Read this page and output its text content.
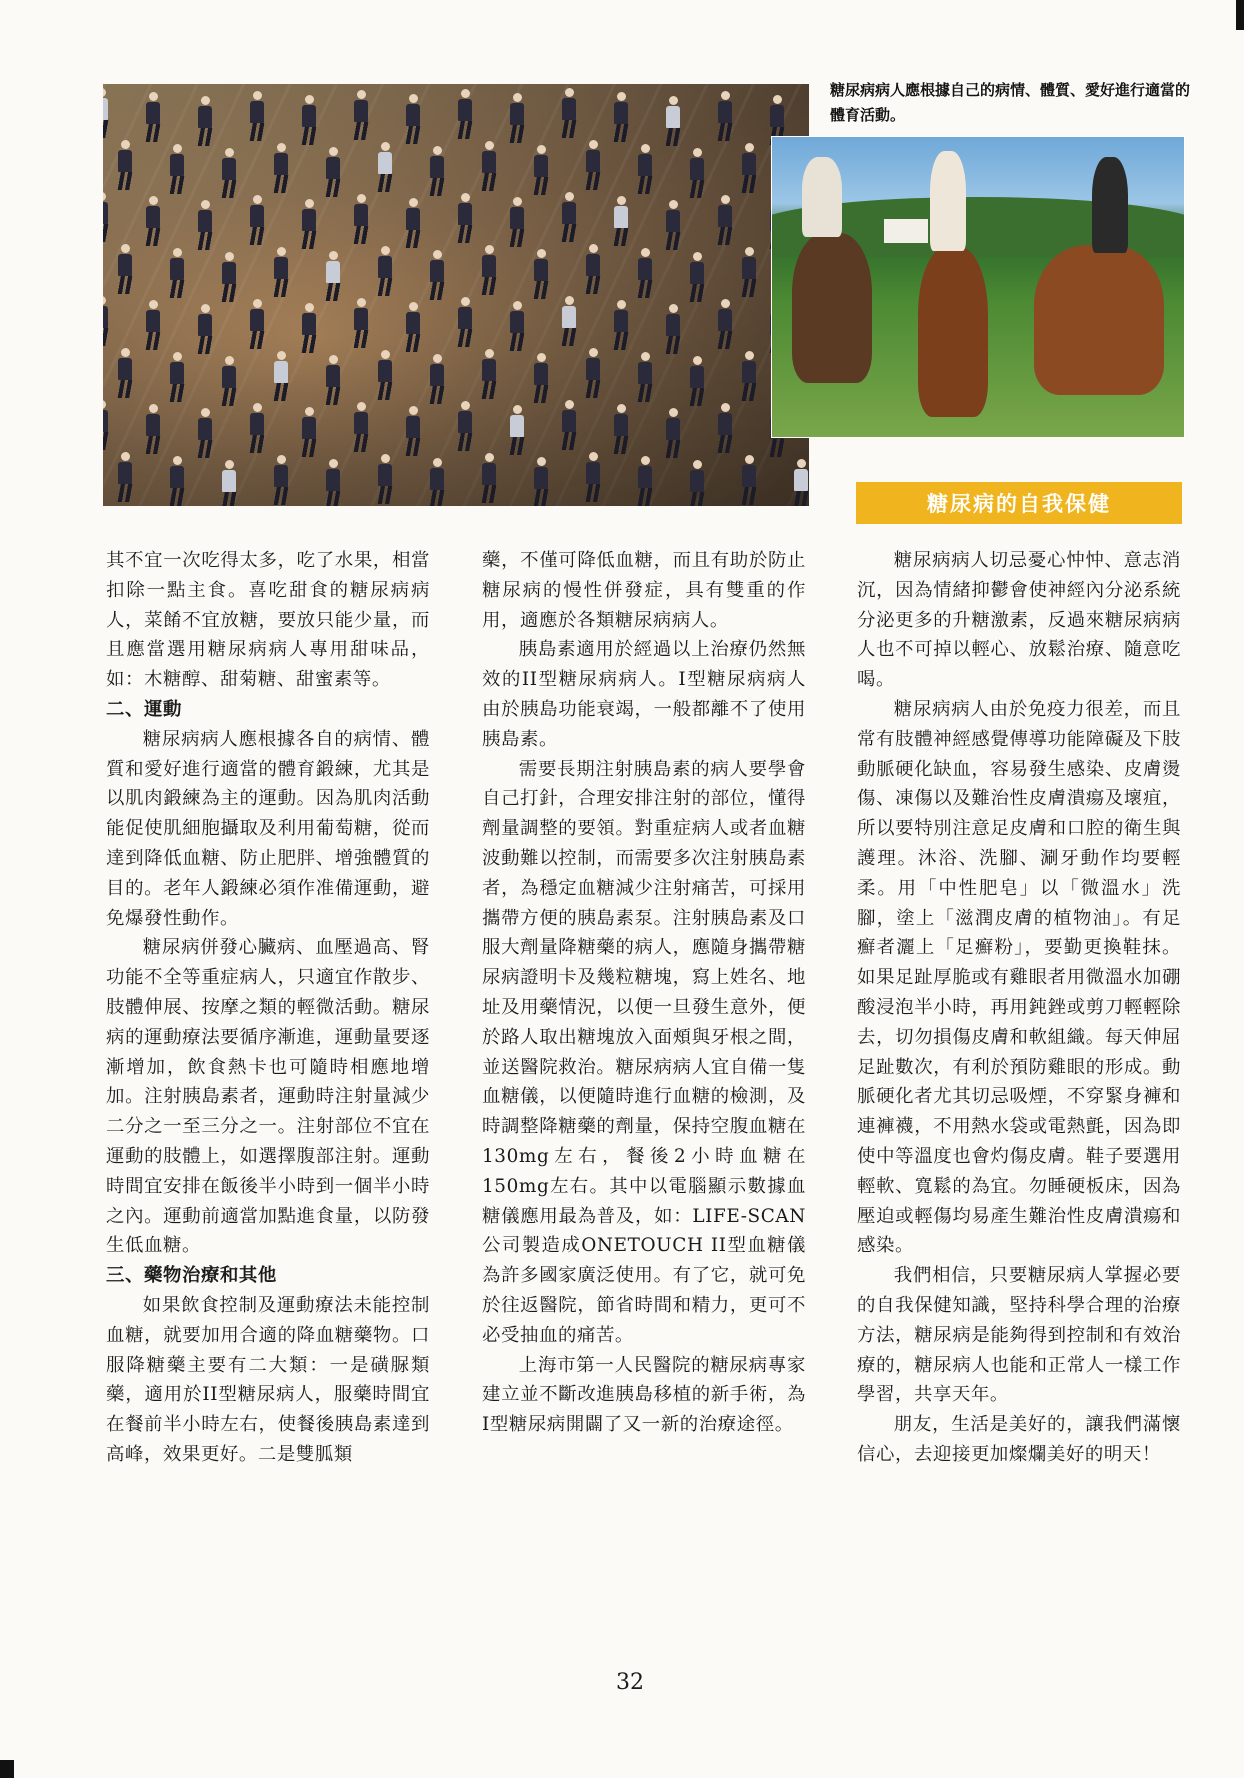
糖尿病病人應根據自己的病情、體質、愛好進行適當的體育活動。
糖尿病的自我保健

其不宜一次吃得太多，吃了水果，相當扣除一點主食。喜吃甜食的糖尿病病人，菜餚不宜放糖，要放只能少量，而且應當選用糖尿病病人專用甜味品，如：木糖醇、甜菊糖、甜蜜素等。

二、運動

糖尿病病人應根據各自的病情、體質和愛好進行適當的體育鍛練，尤其是以肌肉鍛練為主的運動。因為肌肉活動能促使肌細胞攝取及利用葡萄糖，從而達到降低血糖、防止肥胖、增強體質的目的。老年人鍛練必須作准備運動，避免爆發性動作。

糖尿病併發心臟病、血壓過高、腎功能不全等重症病人，只適宜作散步、肢體伸展、按摩之類的輕微活動。糖尿病的運動療法要循序漸進，運動量要逐漸增加，飲食熱卡也可隨時相應地增加。注射胰島素者，運動時注射量減少二分之一至三分之一。注射部位不宜在運動的肢體上，如選擇腹部注射。運動時間宜安排在飯後半小時到一個半小時之內。運動前適當加點進食量，以防發生低血糖。

三、藥物治療和其他

如果飲食控制及運動療法未能控制血糖，就要加用合適的降血糖藥物。口服降糖藥主要有二大類：一是磺脲類藥，適用於II型糖尿病人，服藥時間宜在餐前半小時左右，使餐後胰島素達到高峰，效果更好。二是雙胍類

藥，不僅可降低血糖，而且有助於防止糖尿病的慢性併發症，具有雙重的作用，適應於各類糖尿病病人。

胰島素適用於經過以上治療仍然無效的II型糖尿病病人。I型糖尿病病人由於胰島功能衰竭，一般都離不了使用胰島素。

需要長期注射胰島素的病人要學會自己打針，合理安排注射的部位，懂得劑量調整的要領。對重症病人或者血糖波動難以控制，而需要多次注射胰島素者，為穩定血糖減少注射痛苦，可採用攜帶方便的胰島素泵。注射胰島素及口服大劑量降糖藥的病人，應隨身攜帶糖尿病證明卡及幾粒糖塊，寫上姓名、地址及用藥情況，以便一旦發生意外，便於路人取出糖塊放入面頰與牙根之間，並送醫院救治。糖尿病病人宜自備一隻血糖儀，以便隨時進行血糖的檢測，及時調整降糖藥的劑量，保持空腹血糖在130mg左右，餐後2小時血糖在150mg左右。其中以電腦顯示數據血糖儀應用最為普及，如：LIFE-SCAN公司製造成ONETOUCH II型血糖儀為許多國家廣泛使用。有了它，就可免於往返醫院，節省時間和精力，更可不必受抽血的痛苦。

上海市第一人民醫院的糖尿病專家建立並不斷改進胰島移植的新手術，為I型糖尿病開闢了又一新的治療途徑。

糖尿病病人切忌憂心忡忡、意志消沉，因為情緒抑鬱會使神經內分泌系統分泌更多的升糖激素，反過來糖尿病病人也不可掉以輕心、放鬆治療、隨意吃喝。

糖尿病病人由於免疫力很差，而且常有肢體神經感覺傳導功能障礙及下肢動脈硬化缺血，容易發生感染、皮膚燙傷、凍傷以及難治性皮膚潰瘍及壞疽，所以要特別注意足皮膚和口腔的衛生與護理。沐浴、洗腳、涮牙動作均要輕柔。用「中性肥皂」以「微溫水」洗腳，塗上「滋潤皮膚的植物油」。有足癬者灑上「足癬粉」，要勤更換鞋抹。如果足趾厚脆或有雞眼者用微溫水加硼酸浸泡半小時，再用鈍銼或剪刀輕輕除去，切勿損傷皮膚和軟組織。每天伸屈足趾數次，有利於預防雞眼的形成。動脈硬化者尤其切忌吸煙，不穿緊身褲和連褲襪，不用熱水袋或電熱氈，因為即使中等溫度也會灼傷皮膚。鞋子要選用輕軟、寬鬆的為宜。勿睡硬板床，因為壓迫或輕傷均易產生難治性皮膚潰瘍和感染。

我們相信，只要糖尿病人掌握必要的自我保健知識，堅持科學合理的治療方法，糖尿病是能夠得到控制和有效治療的，糖尿病人也能和正常人一樣工作學習，共享天年。

朋友，生活是美好的，讓我們滿懷信心，去迎接更加燦爛美好的明天！

32
